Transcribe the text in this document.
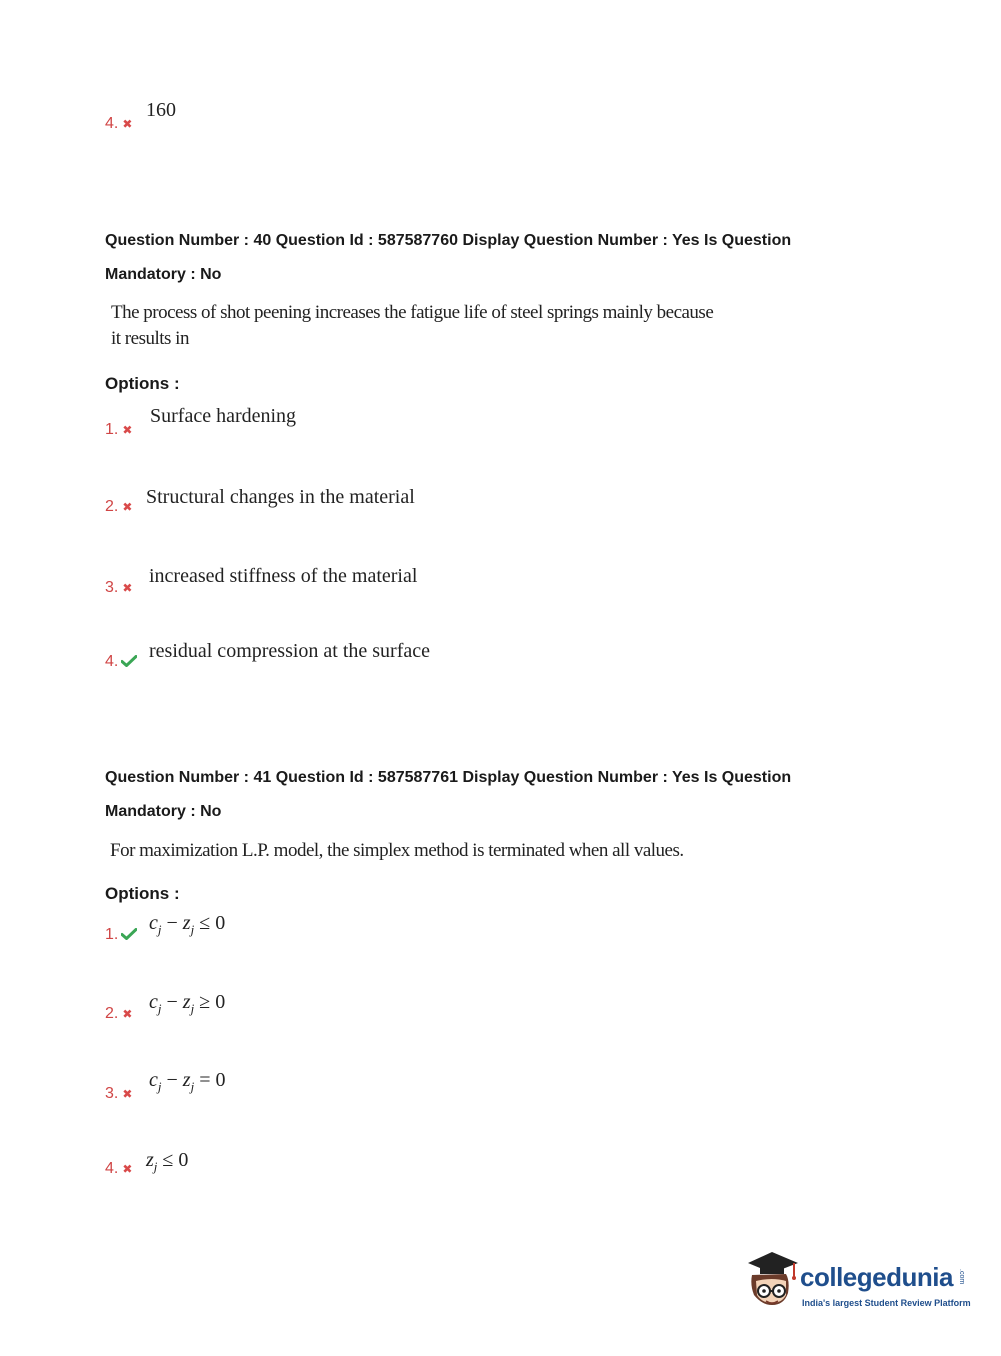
4. ✖
160
Question Number : 40 Question Id : 587587760 Display Question Number : Yes Is Question
Mandatory : No
The process of shot peening increases the fatigue life of steel springs mainly because
it results in
Options :
1. ✖
Surface hardening
2. ✖ Structural changes in the material
3. ✖
increased stiffness of the material
4.	residual compression at the surface
Question Number : 41 Question Id : 587587761 Display Question Number : Yes Is Question
Mandatory : No
For maximization L.P. model, the simplex method is terminated when all values.
Options :
1.
$c_j - z_j \le 0$
2. ✖
$c_j - z_j \ge 0$
3. ✖
$c_j - z_j = 0$
4. ✖ $z_j \le 0$
collegedunia .com
India's largest Student Review Platform
